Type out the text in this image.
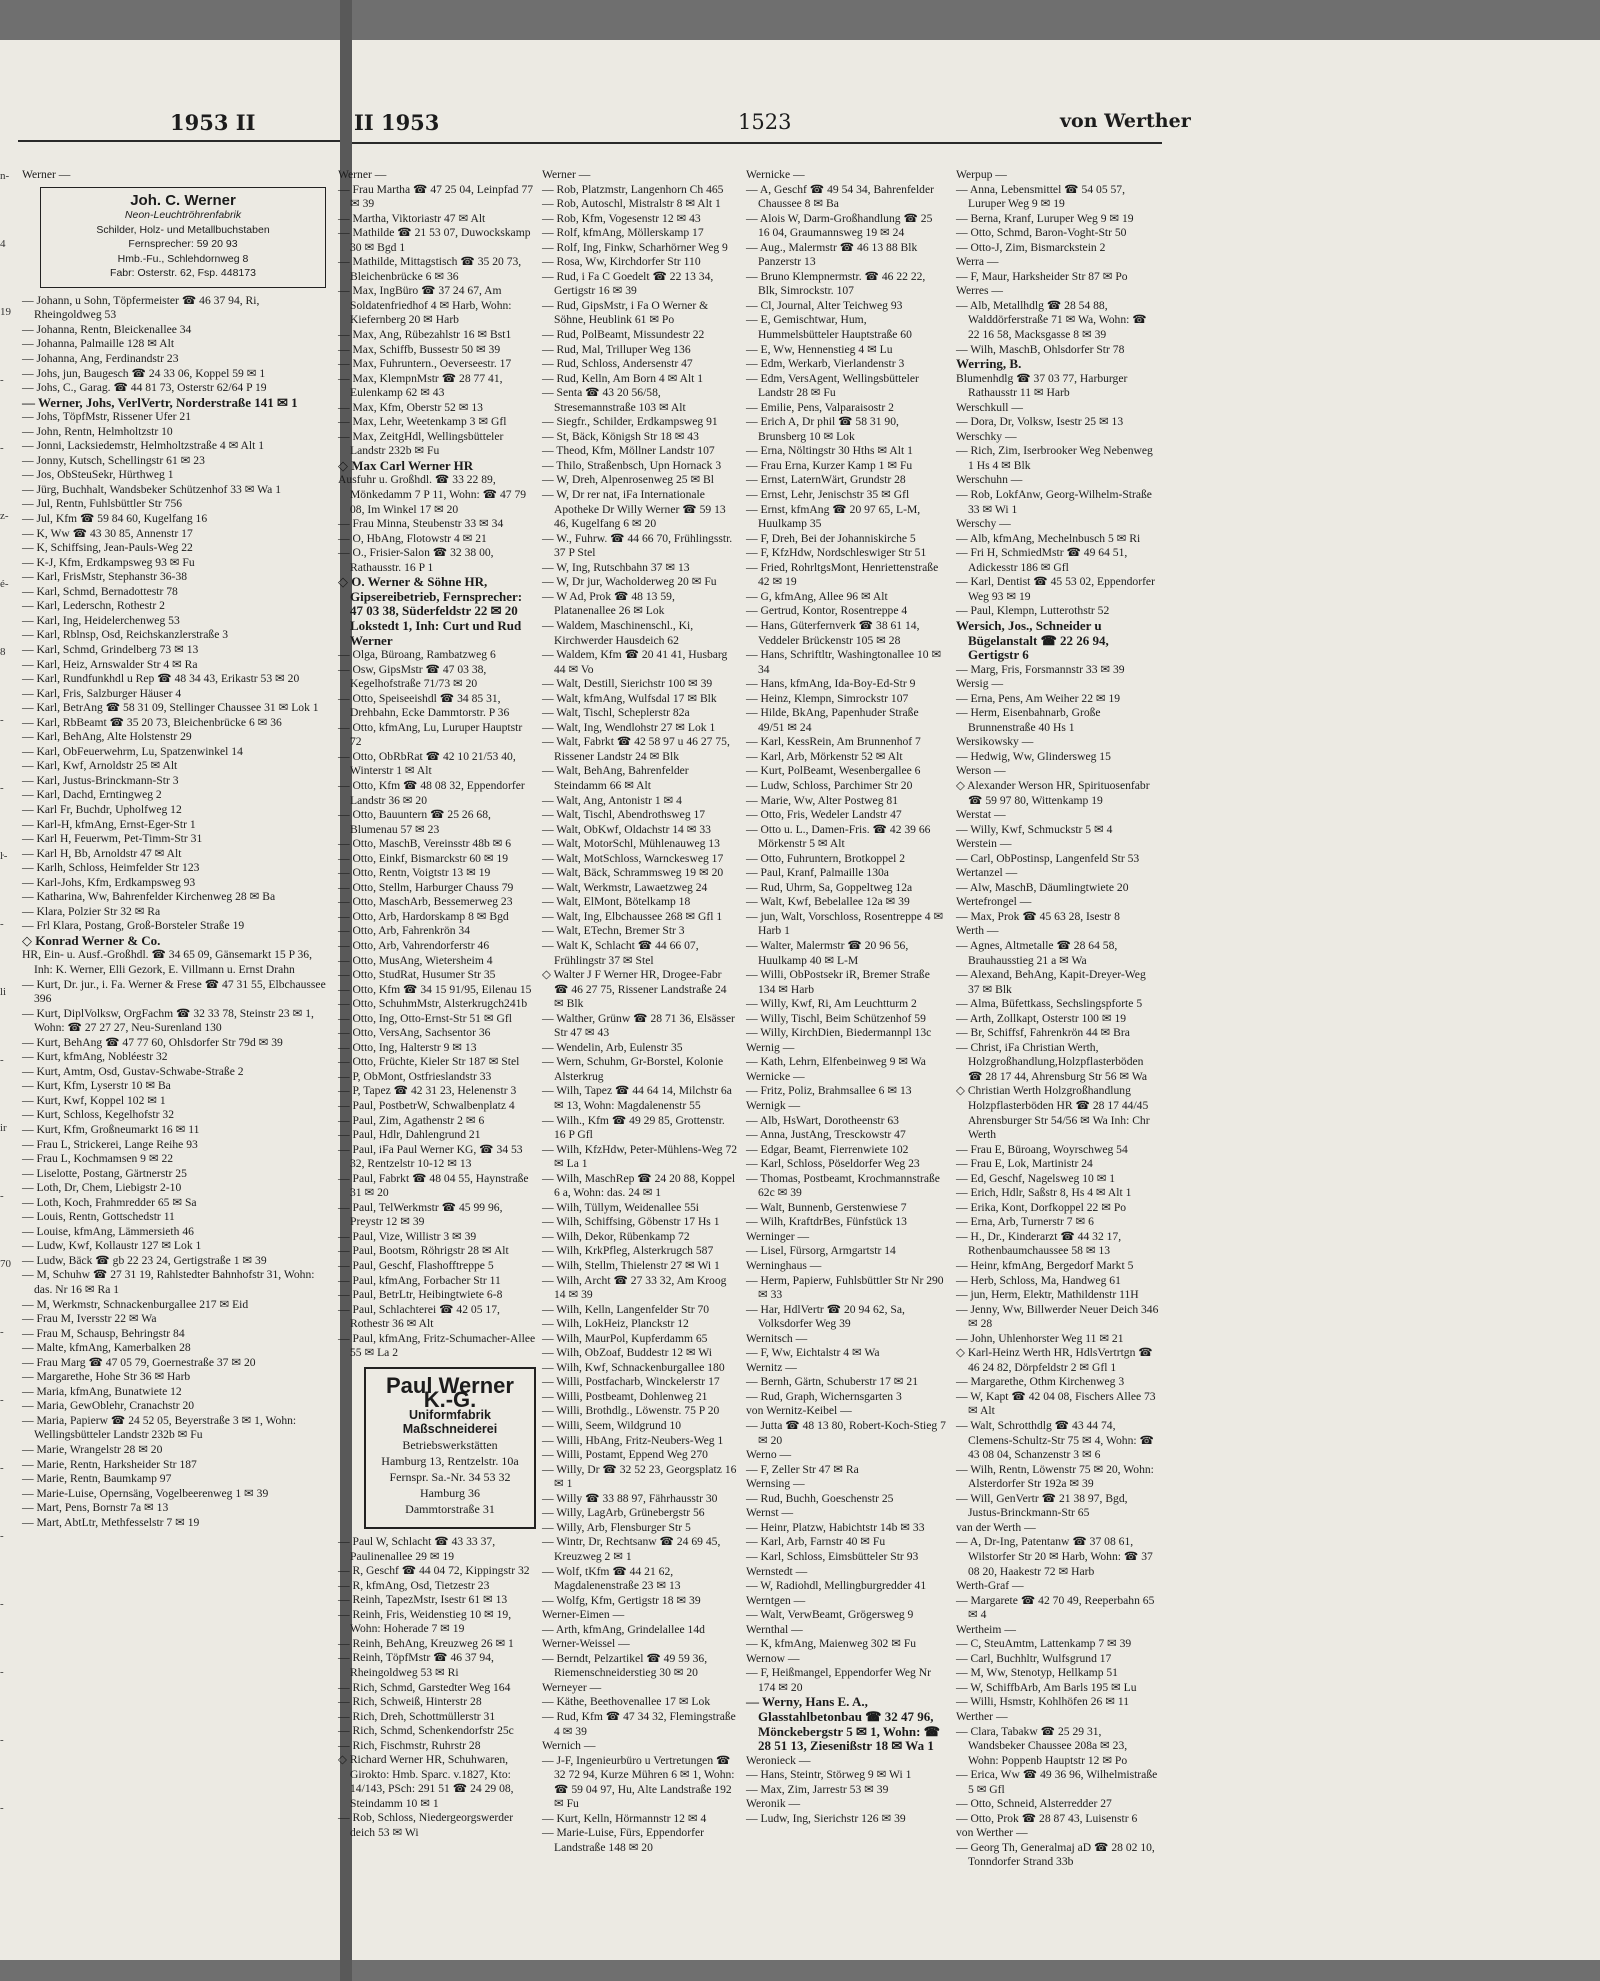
1953 II
n-
4
19
-
-
z-
é-
8
-
-
ŀ-
-
li
-
ir
-
70
-
-
-
-
-
-
-
-
Werner —
Joh. C. Werner
Neon-Leuchtröhrenfabrik
Schilder, Holz- und Metallbuchstaben
Fernsprecher: 59 20 93
Hmb.-Fu., Schlehdornweg 8
Fabr: Osterstr. 62, Fsp. 448173
— Johann, u Sohn, Töpfermeister ☎ 46 37 94, Ri, Rheingoldweg 53
— Johanna, Rentn, Bleickenallee 34
— Johanna, Palmaille 128 ✉ Alt
— Johanna, Ang, Ferdinandstr 23
— Johs, jun, Baugesch ☎ 24 33 06, Koppel 59 ✉ 1
— Johs, C., Garag. ☎ 44 81 73, Osterstr 62/64 P 19
— Werner, Johs, VerlVertr, Norderstraße 141 ✉ 1
— Johs, TöpfMstr, Rissener Ufer 21
— John, Rentn, Helmholtzstr 10
— Jonni, Lacksiedemstr, Helmholtzstraße 4 ✉ Alt 1
— Jonny, Kutsch, Schellingstr 61 ✉ 23
— Jos, ObSteuSekr, Hürthweg 1
— Jürg, Buchhalt, Wandsbeker Schützenhof 33 ✉ Wa 1
— Jul, Rentn, Fuhlsbüttler Str 756
— Jul, Kfm ☎ 59 84 60, Kugelfang 16
— K, Ww ☎ 43 30 85, Annenstr 17
— K, Schiffsing, Jean-Pauls-Weg 22
— K-J, Kfm, Erdkampsweg 93 ✉ Fu
— Karl, FrisMstr, Stephanstr 36-38
— Karl, Schmd, Bernadottestr 78
— Karl, Lederschn, Rothestr 2
— Karl, Ing, Heidelerchenweg 53
— Karl, Rblnsp, Osd, Reichskanzlerstraße 3
— Karl, Schmd, Grindelberg 73 ✉ 13
— Karl, Heiz, Arnswalder Str 4 ✉ Ra
— Karl, Rundfunkhdl u Rep ☎ 48 34 43, Erikastr 53 ✉ 20
— Karl, Fris, Salzburger Häuser 4
— Karl, BetrAng ☎ 58 31 09, Stellinger Chaussee 31 ✉ Lok 1
— Karl, RbBeamt ☎ 35 20 73, Bleichenbrücke 6 ✉ 36
— Karl, BehAng, Alte Holstenstr 29
— Karl, ObFeuerwehrm, Lu, Spatzenwinkel 14
— Karl, Kwf, Arnoldstr 25 ✉ Alt
— Karl, Justus-Brinckmann-Str 3
— Karl, Dachd, Erntingweg 2
— Karl Fr, Buchdr, Upholfweg 12
— Karl-H, kfmAng, Ernst-Eger-Str 1
— Karl H, Feuerwm, Pet-Timm-Str 31
— Karl H, Bb, Arnoldstr 47 ✉ Alt
— Karlh, Schloss, Heimfelder Str 123
— Karl-Johs, Kfm, Erdkampsweg 93
— Katharina, Ww, Bahrenfelder Kirchenweg 28 ✉ Ba
— Klara, Polzier Str 32 ✉ Ra
— Frl Klara, Postang, Groß-Borsteler Straße 19
◇ Konrad Werner & Co.
HR, Ein- u. Ausf.-Großhdl. ☎ 34 65 09, Gänsemarkt 15 P 36, Inh: K. Werner, Elli Gezork, E. Villmann u. Ernst Drahn
— Kurt, Dr. jur., i. Fa. Werner & Frese ☎ 47 31 55, Elbchaussee 396
— Kurt, DiplVolksw, OrgFachm ☎ 32 33 78, Steinstr 23 ✉ 1, Wohn: ☎ 27 27 27, Neu-Surenland 130
— Kurt, BehAng ☎ 47 77 60, Ohlsdorfer Str 79d ✉ 39
— Kurt, kfmAng, Nobléestr 32
— Kurt, Amtm, Osd, Gustav-Schwabe-Straße 2
— Kurt, Kfm, Lyserstr 10 ✉ Ba
— Kurt, Kwf, Koppel 102 ✉ 1
— Kurt, Schloss, Kegelhofstr 32
— Kurt, Kfm, Großneumarkt 16 ✉ 11
— Frau L, Strickerei, Lange Reihe 93
— Frau L, Kochmamsen 9 ✉ 22
— Liselotte, Postang, Gärtnerstr 25
— Loth, Dr, Chem, Liebigstr 2-10
— Loth, Koch, Frahmredder 65 ✉ Sa
— Louis, Rentn, Gottschedstr 11
— Louise, kfmAng, Lämmersieth 46
— Ludw, Kwf, Kollaustr 127 ✉ Lok 1
— Ludw, Bäck ☎ gb 22 23 24, Gertigstraße 1 ✉ 39
— M, Schuhw ☎ 27 31 19, Rahlstedter Bahnhofstr 31, Wohn: das. Nr 16 ✉ Ra 1
— M, Werkmstr, Schnackenburgallee 217 ✉ Eid
— Frau M, Iversstr 22 ✉ Wa
— Frau M, Schausp, Behringstr 84
— Malte, kfmAng, Kamerbalken 28
— Frau Marg ☎ 47 05 79, Goernestraße 37 ✉ 20
— Margarethe, Hohe Str 36 ✉ Harb
— Maria, kfmAng, Bunatwiete 12
— Maria, GewOblehr, Cranachstr 20
— Maria, Papierw ☎ 24 52 05, Beyerstraße 3 ✉ 1, Wohn: Wellingsbütteler Landstr 232b ✉ Fu
— Marie, Wrangelstr 28 ✉ 20
— Marie, Rentn, Harksheider Str 187
— Marie, Rentn, Baumkamp 97
— Marie-Luise, Opernsäng, Vogelbeerenweg 1 ✉ 39
— Mart, Pens, Bornstr 7a ✉ 13
— Mart, AbtLtr, Methfesselstr 7 ✉ 19
II 1953	1523	von Werther
Werner —
— Frau Martha ☎ 47 25 04, Leinpfad 77 ✉ 39
— Martha, Viktoriastr 47 ✉ Alt
— Mathilde ☎ 21 53 07, Duwockskamp 30 ✉ Bgd 1
— Mathilde, Mittagstisch ☎ 35 20 73, Bleichenbrücke 6 ✉ 36
— Max, IngBüro ☎ 37 24 67, Am Soldatenfriedhof 4 ✉ Harb, Wohn: Kiefernberg 20 ✉ Harb
— Max, Ang, Rübezahlstr 16 ✉ Bst1
— Max, Schiffb, Bussestr 50 ✉ 39
— Max, Fuhruntern., Oeverseestr. 17
— Max, KlempnMstr ☎ 28 77 41, Eulenkamp 62 ✉ 43
— Max, Kfm, Oberstr 52 ✉ 13
— Max, Lehr, Weetenkamp 3 ✉ Gfl
— Max, ZeitgHdl, Wellingsbütteler Landstr 232b ✉ Fu
◇ Max Carl Werner HR
Ausfuhr u. Großhdl. ☎ 33 22 89, Mönkedamm 7 P 11, Wohn: ☎ 47 79 08, Im Winkel 17 ✉ 20
— Frau Minna, Steubenstr 33 ✉ 34
— O, HbAng, Flotowstr 4 ✉ 21
— O., Frisier-Salon ☎ 32 38 00, Rathausstr. 16 P 1
◇ O. Werner & Söhne HR, Gipsereibetrieb, Fernsprecher: 47 03 38, Süderfeldstr 22 ✉ 20 Lokstedt 1, Inh: Curt und Rud Werner
— Olga, Büroang, Rambatzweg 6
— Osw, GipsMstr ☎ 47 03 38, Kegelhofstraße 71/73 ✉ 20
— Otto, Speiseeishdl ☎ 34 85 31, Drehbahn, Ecke Dammtorstr. P 36
— Otto, kfmAng, Lu, Luruper Hauptstr 72
— Otto, ObRbRat ☎ 42 10 21/53 40, Winterstr 1 ✉ Alt
— Otto, Kfm ☎ 48 08 32, Eppendorfer Landstr 36 ✉ 20
— Otto, Bauuntern ☎ 25 26 68, Blumenau 57 ✉ 23
— Otto, MaschB, Vereinsstr 48b ✉ 6
— Otto, Einkf, Bismarckstr 60 ✉ 19
— Otto, Rentn, Voigtstr 13 ✉ 19
— Otto, Stellm, Harburger Chauss 79
— Otto, MaschArb, Bessemerweg 23
— Otto, Arb, Hardorskamp 8 ✉ Bgd
— Otto, Arb, Fahrenkrön 34
— Otto, Arb, Vahrendorferstr 46
— Otto, MusAng, Wietersheim 4
— Otto, StudRat, Husumer Str 35
— Otto, Kfm ☎ 34 15 91/95, Eilenau 15
— Otto, SchuhmMstr, Alsterkrugch241b
— Otto, Ing, Otto-Ernst-Str 51 ✉ Gfl
— Otto, VersAng, Sachsentor 36
— Otto, Ing, Halterstr 9 ✉ 13
— Otto, Früchte, Kieler Str 187 ✉ Stel
— P, ObMont, Ostfrieslandstr 33
— P, Tapez ☎ 42 31 23, Helenenstr 3
— Paul, PostbetrW, Schwalbenplatz 4
— Paul, Zim, Agathenstr 2 ✉ 6
— Paul, Hdlr, Dahlengrund 21
— Paul, iFa Paul Werner KG, ☎ 34 53 32, Rentzelstr 10-12 ✉ 13
— Paul, Fabrkt ☎ 48 04 55, Haynstraße 31 ✉ 20
— Paul, TelWerkmstr ☎ 45 99 96, Preystr 12 ✉ 39
— Paul, Vize, Willistr 3 ✉ 39
— Paul, Bootsm, Röhrigstr 28 ✉ Alt
— Paul, Geschf, Flashofftreppe 5
— Paul, kfmAng, Forbacher Str 11
— Paul, BetrLtr, Heibingtwiete 6-8
— Paul, Schlachterei ☎ 42 05 17, Rothestr 36 ✉ Alt
— Paul, kfmAng, Fritz-Schumacher-Allee 55 ✉ La 2
Paul Werner K.-G.
Uniformfabrik Maßschneiderei
Betriebswerkstätten
Hamburg 13, Rentzelstr. 10a
Fernspr. Sa.-Nr. 34 53 32
Hamburg 36
Dammtorstraße 31
— Paul W, Schlacht ☎ 43 33 37, Paulinenallee 29 ✉ 19
— R, Geschf ☎ 44 04 72, Kippingstr 32
— R, kfmAng, Osd, Tietzestr 23
— Reinh, TapezMstr, Isestr 61 ✉ 13
— Reinh, Fris, Weidenstieg 10 ✉ 19, Wohn: Hoherade 7 ✉ 19
— Reinh, BehAng, Kreuzweg 26 ✉ 1
— Reinh, TöpfMstr ☎ 46 37 94, Rheingoldweg 53 ✉ Ri
— Rich, Schmd, Garstedter Weg 164
— Rich, Schweiß, Hinterstr 28
— Rich, Dreh, Schottmüllerstr 31
— Rich, Schmd, Schenkendorfstr 25c
— Rich, Fischmstr, Ruhrstr 28
◇ Richard Werner HR, Schuhwaren, Girokto: Hmb. Sparc. v.1827, Kto: 14/143, PSch: 291 51 ☎ 24 29 08, Steindamm 10 ✉ 1
— Rob, Schloss, Niedergeorgswerder deich 53 ✉ Wi
Werner —
— Rob, Platzmstr, Langenhorn Ch 465
— Rob, Autoschl, Mistralstr 8 ✉ Alt 1
— Rob, Kfm, Vogesenstr 12 ✉ 43
— Rolf, kfmAng, Möllerskamp 17
— Rolf, Ing, Finkw, Scharhörner Weg 9
— Rosa, Ww, Kirchdorfer Str 110
— Rud, i Fa C Goedelt ☎ 22 13 34, Gertigstr 16 ✉ 39
— Rud, GipsMstr, i Fa O Werner & Söhne, Heublink 61 ✉ Po
— Rud, PolBeamt, Missundestr 22
— Rud, Mal, Trilluper Weg 136
— Rud, Schloss, Andersenstr 47
— Rud, Kelln, Am Born 4 ✉ Alt 1
— Senta ☎ 43 20 56/58, Stresemannstraße 103 ✉ Alt
— Siegfr., Schilder, Erdkampsweg 91
— St, Bäck, Königsh Str 18 ✉ 43
— Theod, Kfm, Möllner Landstr 107
— Thilo, Straßenbsch, Upn Hornack 3
— W, Dreh, Alpenrosenweg 25 ✉ Bl
— W, Dr rer nat, iFa Internationale Apotheke Dr Willy Werner ☎ 59 13 46, Kugelfang 6 ✉ 20
— W., Fuhrw. ☎ 44 66 70, Frühlingsstr. 37 P Stel
— W, Ing, Rutschbahn 37 ✉ 13
— W, Dr jur, Wacholderweg 20 ✉ Fu
— W Ad, Prok ☎ 48 13 59, Platanenallee 26 ✉ Lok
— Waldem, Maschinenschl., Ki, Kirchwerder Hausdeich 62
— Waldem, Kfm ☎ 20 41 41, Husbarg 44 ✉ Vo
— Walt, Destill, Sierichstr 100 ✉ 39
— Walt, kfmAng, Wulfsdal 17 ✉ Blk
— Walt, Tischl, Scheplerstr 82a
— Walt, Ing, Wendlohstr 27 ✉ Lok 1
— Walt, Fabrkt ☎ 42 58 97 u 46 27 75, Rissener Landstr 24 ✉ Blk
— Walt, BehAng, Bahrenfelder Steindamm 66 ✉ Alt
— Walt, Ang, Antonistr 1 ✉ 4
— Walt, Tischl, Abendrothsweg 17
— Walt, ObKwf, Oldachstr 14 ✉ 33
— Walt, MotorSchl, Mühlenauweg 13
— Walt, MotSchloss, Warnckesweg 17
— Walt, Bäck, Schrammsweg 19 ✉ 20
— Walt, Werkmstr, Lawaetzweg 24
— Walt, ElMont, Bötelkamp 18
— Walt, Ing, Elbchaussee 268 ✉ Gfl 1
— Walt, ETechn, Bremer Str 3
— Walt K, Schlacht ☎ 44 66 07, Frühlingstr 37 ✉ Stel
◇ Walter J F Werner HR, Drogee-Fabr ☎ 46 27 75, Rissener Landstraße 24 ✉ Blk
— Walther, Grünw ☎ 28 71 36, Elsässer Str 47 ✉ 43
— Wendelin, Arb, Eulenstr 35
— Wern, Schuhm, Gr-Borstel, Kolonie Alsterkrug
— Wilh, Tapez ☎ 44 64 14, Milchstr 6a ✉ 13, Wohn: Magdalenenstr 55
— Wilh., Kfm ☎ 49 29 85, Grottenstr. 16 P Gfl
— Wilh, KfzHdw, Peter-Mühlens-Weg 72 ✉ La 1
— Wilh, MaschRep ☎ 24 20 88, Koppel 6 a, Wohn: das. 24 ✉ 1
— Wilh, Tüllym, Weidenallee 55i
— Wilh, Schiffsing, Göbenstr 17 Hs 1
— Wilh, Dekor, Rübenkamp 72
— Wilh, KrkPfleg, Alsterkrugch 587
— Wilh, Stellm, Thielenstr 27 ✉ Wi 1
— Wilh, Archt ☎ 27 33 32, Am Kroog 14 ✉ 39
— Wilh, Kelln, Langenfelder Str 70
— Wilh, LokHeiz, Planckstr 12
— Wilh, MaurPol, Kupferdamm 65
— Wilh, ObZoaf, Buddestr 12 ✉ Wi
— Wilh, Kwf, Schnackenburgallee 180
— Willi, Postfacharb, Winckelerstr 17
— Willi, Postbeamt, Dohlenweg 21
— Willi, Brothdlg., Löwenstr. 75 P 20
— Willi, Seem, Wildgrund 10
— Willi, HbAng, Fritz-Neubers-Weg 1
— Willi, Postamt, Eppend Weg 270
— Willy, Dr ☎ 32 52 23, Georgsplatz 16 ✉ 1
— Willy ☎ 33 88 97, Fährhausstr 30
— Willy, LagArb, Grünebergstr 56
— Willy, Arb, Flensburger Str 5
— Wintr, Dr, Rechtsanw ☎ 24 69 45, Kreuzweg 2 ✉ 1
— Wolf, tKfm ☎ 44 21 62, Magdalenenstraße 23 ✉ 13
— Wolfg, Kfm, Gertigstr 18 ✉ 39
Werner-Eimen —
— Arth, kfmAng, Grindelallee 14d
Werner-Weissel —
— Berndt, Pelzartikel ☎ 49 59 36, Riemenschneiderstieg 30 ✉ 20
Werneyer —
— Käthe, Beethovenallee 17 ✉ Lok
— Rud, Kfm ☎ 47 34 32, Flemingstraße 4 ✉ 39
Wernich —
— J-F, Ingenieurbüro u Vertretungen ☎ 32 72 94, Kurze Mühren 6 ✉ 1, Wohn: ☎ 59 04 97, Hu, Alte Landstraße 192 ✉ Fu
— Kurt, Kelln, Hörmannstr 12 ✉ 4
— Marie-Luise, Fürs, Eppendorfer Landstraße 148 ✉ 20
Wernicke —
— A, Geschf ☎ 49 54 34, Bahrenfelder Chaussee 8 ✉ Ba
— Alois W, Darm-Großhandlung ☎ 25 16 04, Graumannsweg 19 ✉ 24
— Aug., Malermstr ☎ 46 13 88 Blk Panzerstr 13
— Bruno Klempnermstr. ☎ 46 22 22, Blk, Simrockstr. 107
— Cl, Journal, Alter Teichweg 93
— E, Gemischtwar, Hum, Hummelsbütteler Hauptstraße 60
— E, Ww, Hennenstieg 4 ✉ Lu
— Edm, Werkarb, Vierlandenstr 3
— Edm, VersAgent, Wellingsbütteler Landstr 28 ✉ Fu
— Emilie, Pens, Valparaisostr 2
— Erich A, Dr phil ☎ 58 31 90, Brunsberg 10 ✉ Lok
— Erna, Nöltingstr 30 Hths ✉ Alt 1
— Frau Erna, Kurzer Kamp 1 ✉ Fu
— Ernst, LaternWärt, Grundstr 28
— Ernst, Lehr, Jenischstr 35 ✉ Gfl
— Ernst, kfmAng ☎ 20 97 65, L-M, Huulkamp 35
— F, Dreh, Bei der Johanniskirche 5
— F, KfzHdw, Nordschleswiger Str 51
— Fried, RohrltgsMont, Henriettenstraße 42 ✉ 19
— G, kfmAng, Allee 96 ✉ Alt
— Gertrud, Kontor, Rosentreppe 4
— Hans, Güterfernverk ☎ 38 61 14, Veddeler Brückenstr 105 ✉ 28
— Hans, Schriftltr, Washingtonallee 10 ✉ 34
— Hans, kfmAng, Ida-Boy-Ed-Str 9
— Heinz, Klempn, Simrockstr 107
— Hilde, BkAng, Papenhuder Straße 49/51 ✉ 24
— Karl, KessRein, Am Brunnenhof 7
— Karl, Arb, Mörkenstr 52 ✉ Alt
— Kurt, PolBeamt, Wesenbergallee 6
— Ludw, Schloss, Parchimer Str 20
— Marie, Ww, Alter Postweg 81
— Otto, Fris, Wedeler Landstr 47
— Otto u. L., Damen-Fris. ☎ 42 39 66 Mörkenstr 5 ✉ Alt
— Otto, Fuhruntern, Brotkoppel 2
— Paul, Kranf, Palmaille 130a
— Rud, Uhrm, Sa, Goppeltweg 12a
— Walt, Kwf, Bebelallee 12a ✉ 39
— jun, Walt, Vorschloss, Rosentreppe 4 ✉ Harb 1
— Walter, Malermstr ☎ 20 96 56, Huulkamp 40 ✉ L-M
— Willi, ObPostsekr iR, Bremer Straße 134 ✉ Harb
— Willy, Kwf, Ri, Am Leuchtturm 2
— Willy, Tischl, Beim Schützenhof 59
— Willy, KirchDien, Biedermannpl 13c
Wernig —
— Kath, Lehrn, Elfenbeinweg 9 ✉ Wa
Wernicke —
— Fritz, Poliz, Brahmsallee 6 ✉ 13
Wernigk —
— Alb, HsWart, Dorotheenstr 63
— Anna, JustAng, Tresckowstr 47
— Edgar, Beamt, Fierrenwiete 102
— Karl, Schloss, Pöseldorfer Weg 23
— Thomas, Postbeamt, Krochmannstraße 62c ✉ 39
— Walt, Bunnenb, Gerstenwiese 7
— Wilh, KraftdrBes, Fünfstück 13
Werninger —
— Lisel, Fürsorg, Armgartstr 14
Werninghaus —
— Herm, Papierw, Fuhlsbüttler Str Nr 290 ✉ 33
— Har, HdlVertr ☎ 20 94 62, Sa, Volksdorfer Weg 39
Wernitsch —
— F, Ww, Eichtalstr 4 ✉ Wa
Wernitz —
— Bernh, Gärtn, Schuberstr 17 ✉ 21
— Rud, Graph, Wichernsgarten 3
von Wernitz-Keibel —
— Jutta ☎ 48 13 80, Robert-Koch-Stieg 7 ✉ 20
Werno —
— F, Zeller Str 47 ✉ Ra
Wernsing —
— Rud, Buchh, Goeschenstr 25
Wernst —
— Heinr, Platzw, Habichtstr 14b ✉ 33
— Karl, Arb, Farnstr 40 ✉ Fu
— Karl, Schloss, Eimsbütteler Str 93
Wernstedt —
— W, Radiohdl, Mellingburgredder 41
Werntgen —
— Walt, VerwBeamt, Grögersweg 9
Wernthal —
— K, kfmAng, Maienweg 302 ✉ Fu
Wernow —
— F, Heißmangel, Eppendorfer Weg Nr 174 ✉ 20
— Werny, Hans E. A., Glasstahlbetonbau ☎ 32 47 96, Mönckebergstr 5 ✉ 1, Wohn: ☎ 28 51 13, Ziesenißstr 18 ✉ Wa 1
Weronieck —
— Hans, Steintr, Störweg 9 ✉ Wi 1
— Max, Zim, Jarrestr 53 ✉ 39
Weronik —
— Ludw, Ing, Sierichstr 126 ✉ 39
Werpup —
— Anna, Lebensmittel ☎ 54 05 57, Luruper Weg 9 ✉ 19
— Berna, Kranf, Luruper Weg 9 ✉ 19
— Otto, Schmd, Baron-Voght-Str 50
— Otto-J, Zim, Bismarckstein 2
Werra —
— F, Maur, Harksheider Str 87 ✉ Po
Werres —
— Alb, Metallhdlg ☎ 28 54 88, Walddörferstraße 71 ✉ Wa, Wohn: ☎ 22 16 58, Macksgasse 8 ✉ 39
— Wilh, MaschB, Ohlsdorfer Str 78
Werring, B.
Blumenhdlg ☎ 37 03 77, Harburger Rathausstr 11 ✉ Harb
Werschkull —
— Dora, Dr, Volksw, Isestr 25 ✉ 13
Werschky —
— Rich, Zim, Iserbrooker Weg Nebenweg 1 Hs 4 ✉ Blk
Werschuhn —
— Rob, LokfAnw, Georg-Wilhelm-Straße 33 ✉ Wi 1
Werschy —
— Alb, kfmAng, Mechelnbusch 5 ✉ Ri
— Fri H, SchmiedMstr ☎ 49 64 51, Adickesstr 186 ✉ Gfl
— Karl, Dentist ☎ 45 53 02, Eppendorfer Weg 93 ✉ 19
— Paul, Klempn, Lutterothstr 52
Wersich, Jos., Schneider u Bügelanstalt ☎ 22 26 94, Gertigstr 6
— Marg, Fris, Forsmannstr 33 ✉ 39
Wersig —
— Erna, Pens, Am Weiher 22 ✉ 19
— Herm, Eisenbahnarb, Große Brunnenstraße 40 Hs 1
Wersikowsky —
— Hedwig, Ww, Glindersweg 15
Werson —
◇ Alexander Werson HR, Spirituosenfabr ☎ 59 97 80, Wittenkamp 19
Werstat —
— Willy, Kwf, Schmuckstr 5 ✉ 4
Werstein —
— Carl, ObPostinsp, Langenfeld Str 53
Wertanzel —
— Alw, MaschB, Däumlingtwiete 20
Wertefrongel —
— Max, Prok ☎ 45 63 28, Isestr 8
Werth —
— Agnes, Altmetalle ☎ 28 64 58, Brauhausstieg 21 a ✉ Wa
— Alexand, BehAng, Kapit-Dreyer-Weg 37 ✉ Blk
— Alma, Büfettkass, Sechslingspforte 5
— Arth, Zollkapt, Osterstr 100 ✉ 19
— Br, Schiffsf, Fahrenkrön 44 ✉ Bra
— Christ, iFa Christian Werth, Holzgroßhandlung,Holzpflasterböden ☎ 28 17 44, Ahrensburg Str 56 ✉ Wa
◇ Christian Werth Holzgroßhandlung Holzpflasterböden HR ☎ 28 17 44/45 Ahrensburger Str 54/56 ✉ Wa Inh: Chr Werth
— Frau E, Büroang, Woyrschweg 54
— Frau E, Lok, Martinistr 24
— Ed, Geschf, Nagelsweg 10 ✉ 1
— Erich, Hdlr, Saßstr 8, Hs 4 ✉ Alt 1
— Erika, Kont, Dorfkoppel 22 ✉ Po
— Erna, Arb, Turnerstr 7 ✉ 6
— H., Dr., Kinderarzt ☎ 44 32 17, Rothenbaumchaussee 58 ✉ 13
— Heinr, kfmAng, Bergedorf Markt 5
— Herb, Schloss, Ma, Handweg 61
— jun, Herm, Elektr, Mathildenstr 11H
— Jenny, Ww, Billwerder Neuer Deich 346 ✉ 28
— John, Uhlenhorster Weg 11 ✉ 21
◇ Karl-Heinz Werth HR, HdlsVertrtgn ☎ 46 24 82, Dörpfeldstr 2 ✉ Gfl 1
— Margarethe, Othm Kirchenweg 3
— W, Kapt ☎ 42 04 08, Fischers Allee 73 ✉ Alt
— Walt, Schrotthdlg ☎ 43 44 74, Clemens-Schultz-Str 75 ✉ 4, Wohn: ☎ 43 08 04, Schanzenstr 3 ✉ 6
— Wilh, Rentn, Löwenstr 75 ✉ 20, Wohn: Alsterdorfer Str 192a ✉ 39
— Will, GenVertr ☎ 21 38 97, Bgd, Justus-Brinckmann-Str 65
van der Werth —
— A, Dr-Ing, Patentanw ☎ 37 08 61, Wilstorfer Str 20 ✉ Harb, Wohn: ☎ 37 08 20, Haakestr 72 ✉ Harb
Werth-Graf —
— Margarete ☎ 42 70 49, Reeperbahn 65 ✉ 4
Wertheim —
— C, SteuAmtm, Lattenkamp 7 ✉ 39
— Carl, Buchhltr, Wulfsgrund 17
— M, Ww, Stenotyp, Hellkamp 51
— W, SchiffbArb, Am Barls 195 ✉ Lu
— Willi, Hsmstr, Kohlhöfen 26 ✉ 11
Werther —
— Clara, Tabakw ☎ 25 29 31, Wandsbeker Chaussee 208a ✉ 23, Wohn: Poppenb Hauptstr 12 ✉ Po
— Erica, Ww ☎ 49 36 96, Wilhelmistraße 5 ✉ Gfl
— Otto, Schneid, Alsterredder 27
— Otto, Prok ☎ 28 87 43, Luisenstr 6
von Werther —
— Georg Th, Generalmaj aD ☎ 28 02 10, Tonndorfer Strand 33b
